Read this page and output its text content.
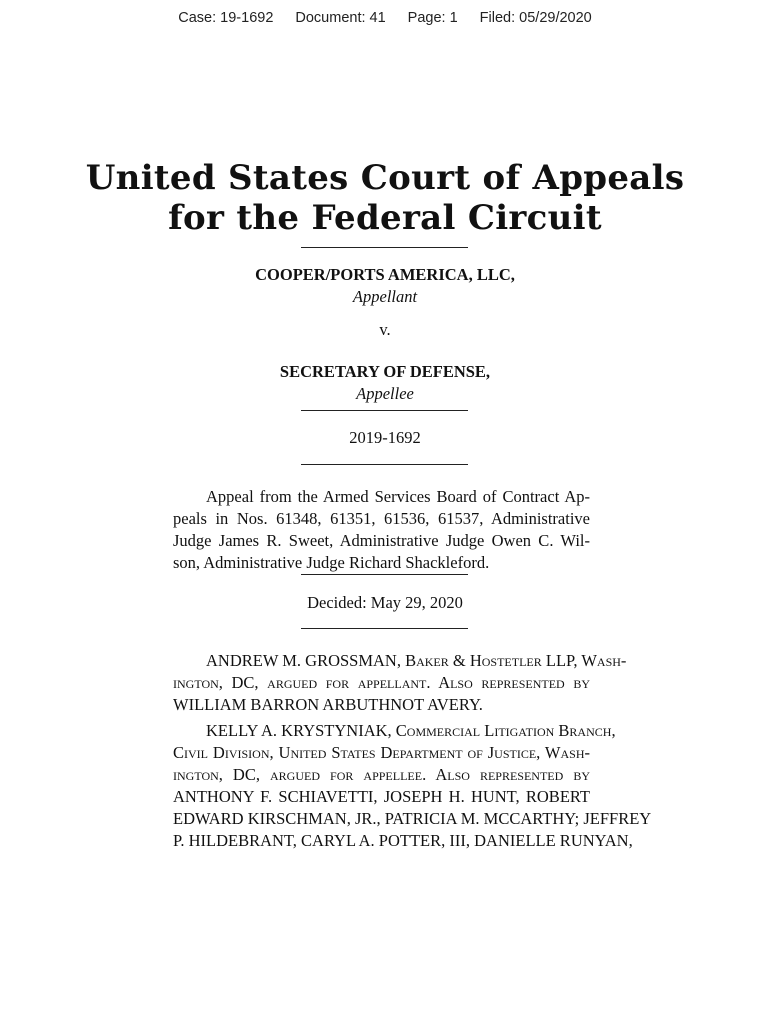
Case: 19-1692 Document: 41 Page: 1 Filed: 05/29/2020
United States Court of Appeals
for the Federal Circuit
COOPER/PORTS AMERICA, LLC,
Appellant
v.
SECRETARY OF DEFENSE,
Appellee
2019-1692
Appeal from the Armed Services Board of Contract Ap-
peals in Nos. 61348, 61351, 61536, 61537, Administrative
Judge James R. Sweet, Administrative Judge Owen C. Wil-
son, Administrative Judge Richard Shackleford.
Decided: May 29, 2020
ANDREW M. GROSSMAN, Baker & Hostetler LLP, Wash-
ington, DC, argued for appellant. Also represented by
WILLIAM BARRON ARBUTHNOT AVERY.
KELLY A. KRYSTYNIAK, Commercial Litigation Branch,
Civil Division, United States Department of Justice, Wash-
ington, DC, argued for appellee. Also represented by
ANTHONY F. SCHIAVETTI, JOSEPH H. HUNT, ROBERT
EDWARD KIRSCHMAN, JR., PATRICIA M. MCCARTHY; JEFFREY
P. HILDEBRANT, CARYL A. POTTER, III, DANIELLE RUNYAN,
